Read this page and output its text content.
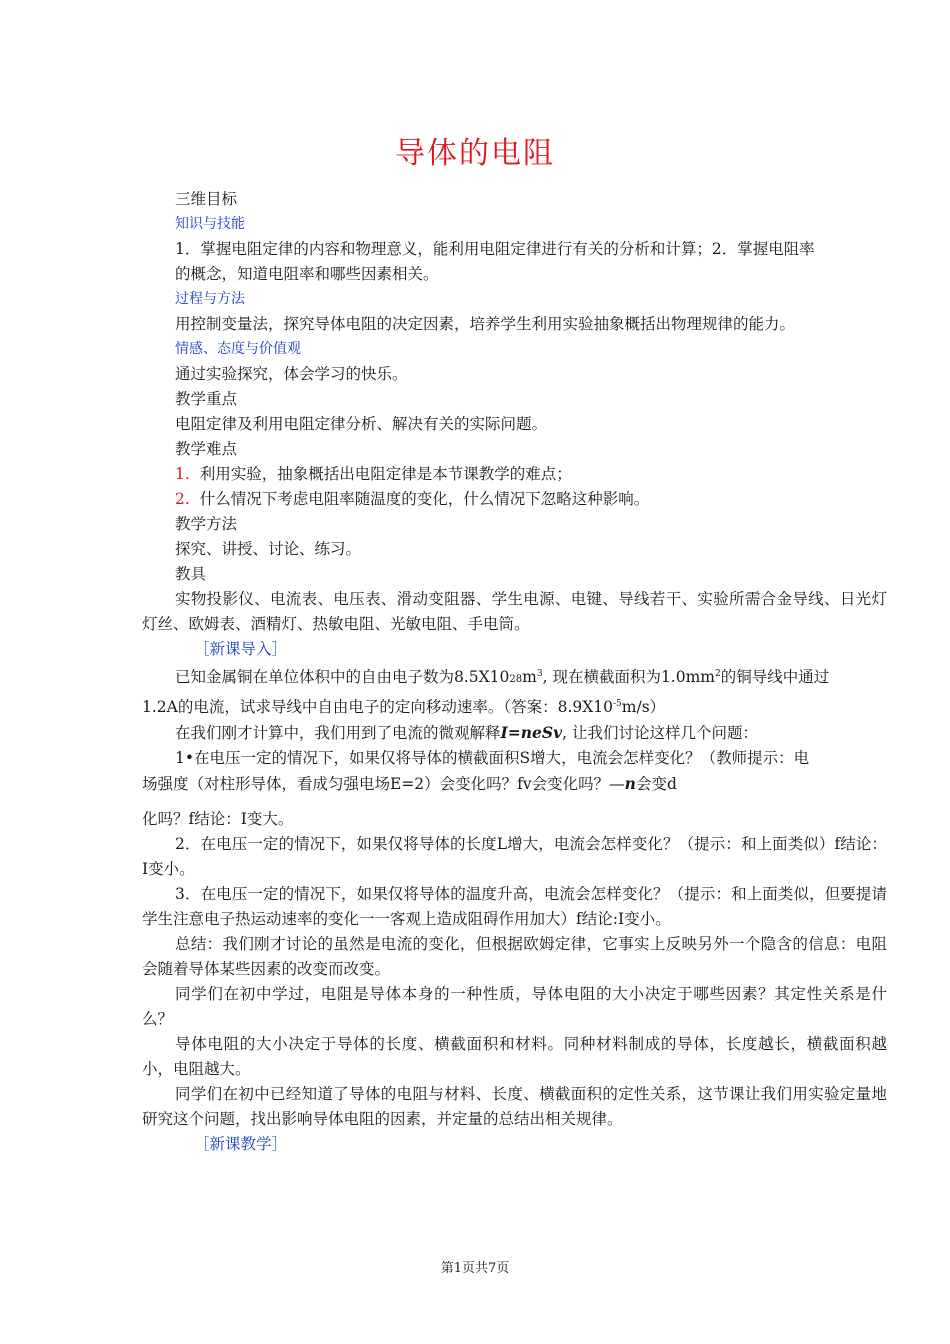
导体的电阻

三维目标

知识与技能

1．掌握电阻定律的内容和物理意义，能利用电阻定律进行有关的分析和计算；2．掌握电阻率

的概念，知道电阻率和哪些因素相关。

过程与方法

用控制变量法，探究导体电阻的决定因素，培养学生利用实验抽象概括出物理规律的能力。

情感、态度与价值观

通过实验探究，体会学习的快乐。

教学重点

电阻定律及利用电阻定律分析、解决有关的实际问题。

教学难点

1. 利用实验，抽象概括出电阻定律是本节课教学的难点；

2. 什么情况下考虑电阻率随温度的变化，什么情况下忽略这种影响。

教学方法

探究、讲授、讨论、练习。

教具

实物投影仪、电流表、电压表、滑动变阻器、学生电源、电键、导线若干、实验所需合金导线、日光灯灯丝、欧姆表、酒精灯、热敏电阻、光敏电阻、手电筒。

［新课导入］

已知金属铜在单位体积中的自由电子数为$8.5X1028m^3$, 现在横截面积为$1.0mm^2$的铜导线中通过

1.2A的电流，试求导线中自由电子的定向移动速率。（答案：$8.9X10^{-5}m/s$）

在我们刚才计算中，我们用到了电流的微观解释I=neSv, 让我们讨论这样几个问题：

1•在电压一定的情况下，如果仅将导体的横截面积S增大，电流会怎样变化？（教师提示：电

场强度（对柱形导体，看成匀强电场E=2）会变化吗？fv会变化吗？—n会变d

化吗？f结论：I变大。

2．在电压一定的情况下，如果仅将导体的长度L增大，电流会怎样变化？（提示：和上面类似）f结论：I变小。

3．在电压一定的情况下，如果仅将导体的温度升高，电流会怎样变化？（提示：和上面类似，但要提请学生注意电子热运动速率的变化一一客观上造成阻碍作用加大）f结论:I变小。

总结：我们刚才讨论的虽然是电流的变化，但根据欧姆定律，它事实上反映另外一个隐含的信息：电阻会随着导体某些因素的改变而改变。

同学们在初中学过，电阻是导体本身的一种性质，导体电阻的大小决定于哪些因素？其定性关系是什么？

导体电阻的大小决定于导体的长度、横截面积和材料。同种材料制成的导体，长度越长，横截面积越小，电阻越大。

同学们在初中已经知道了导体的电阻与材料、长度、横截面积的定性关系，这节课让我们用实验定量地研究这个问题，找出影响导体电阻的因素，并定量的总结出相关规律。

［新课教学］

第1页共7页
